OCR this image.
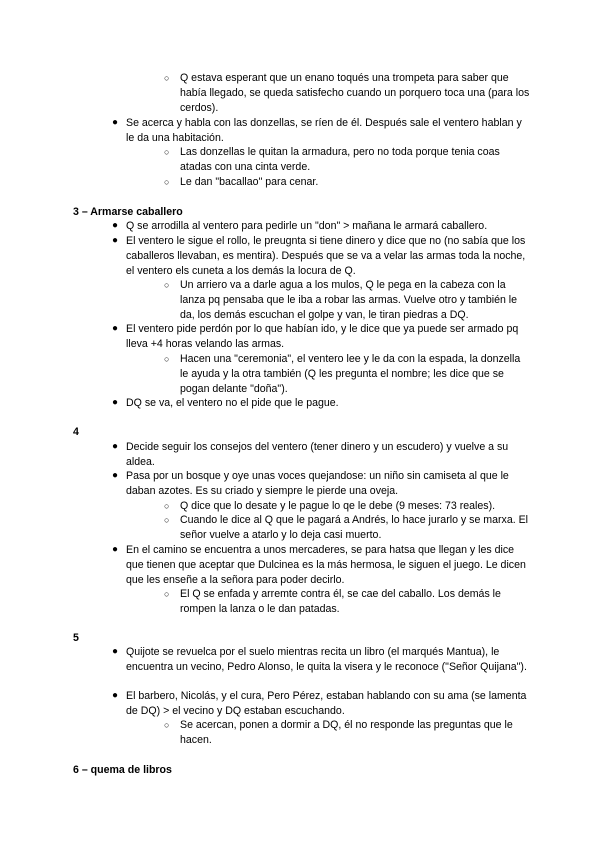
○ Q estava esperant que un enano toqués una trompeta para saber que había llegado, se queda satisfecho cuando un porquero toca una (para los cerdos).
● Se acerca y habla con las donzellas, se ríen de él. Después sale el ventero hablan y le da una habitación.
○ Las donzellas le quitan la armadura, pero no toda porque tenia coas atadas con una cinta verde.
○ Le dan "bacallao" para cenar.
3 – Armarse caballero
● Q se arrodilla al ventero para pedirle un "don" > mañana le armará caballero.
● El ventero le sigue el rollo, le preugnta si tiene dinero y dice que no (no sabía que los caballeros llevaban, es mentira). Después que se va a velar las armas toda la noche, el ventero els cuneta a los demás la locura de Q.
○ Un arriero va a darle agua a los mulos, Q le pega en la cabeza con la lanza pq pensaba que le iba a robar las armas. Vuelve otro y también le da, los demás escuchan el golpe y van, le tiran piedras a DQ.
● El ventero pide perdón por lo que habían ido, y le dice que ya puede ser armado pq lleva +4 horas velando las armas.
○ Hacen una "ceremonia", el ventero lee y le da con la espada, la donzella le ayuda y la otra también (Q les pregunta el nombre; les dice que se pogan delante "doña").
● DQ se va, el ventero no el pide que le pague.
4
● Decide seguir los consejos del ventero (tener dinero y un escudero) y vuelve a su aldea.
● Pasa por un bosque y oye unas voces quejandose: un niño sin camiseta al que le daban azotes. Es su criado y siempre le pierde una oveja.
○ Q dice que lo desate y le pague lo qe le debe (9 meses: 73 reales).
○ Cuando le dice al Q que le pagará a Andrés, lo hace jurarlo y se marxa. El señor vuelve a atarlo y lo deja casi muerto.
● En el camino se encuentra a unos mercaderes, se para hatsa que llegan y les dice que tienen que aceptar que Dulcinea es la más hermosa, le siguen el juego. Le dicen que les enseñe a la señora para poder decirlo.
○ El Q se enfada y arremte contra él, se cae del caballo. Los demás le rompen la lanza o le dan patadas.
5
● Quijote se revuelca por el suelo mientras recita un libro (el marqués Mantua), le encuentra un vecino, Pedro Alonso, le quita la visera y le reconoce ("Señor Quijana").
● El barbero, Nicolás, y el cura, Pero Pérez, estaban hablando con su ama (se lamenta de DQ) > el vecino y DQ estaban escuchando.
○ Se acercan, ponen a dormir a DQ, él no responde las preguntas que le hacen.
6 – quema de libros
